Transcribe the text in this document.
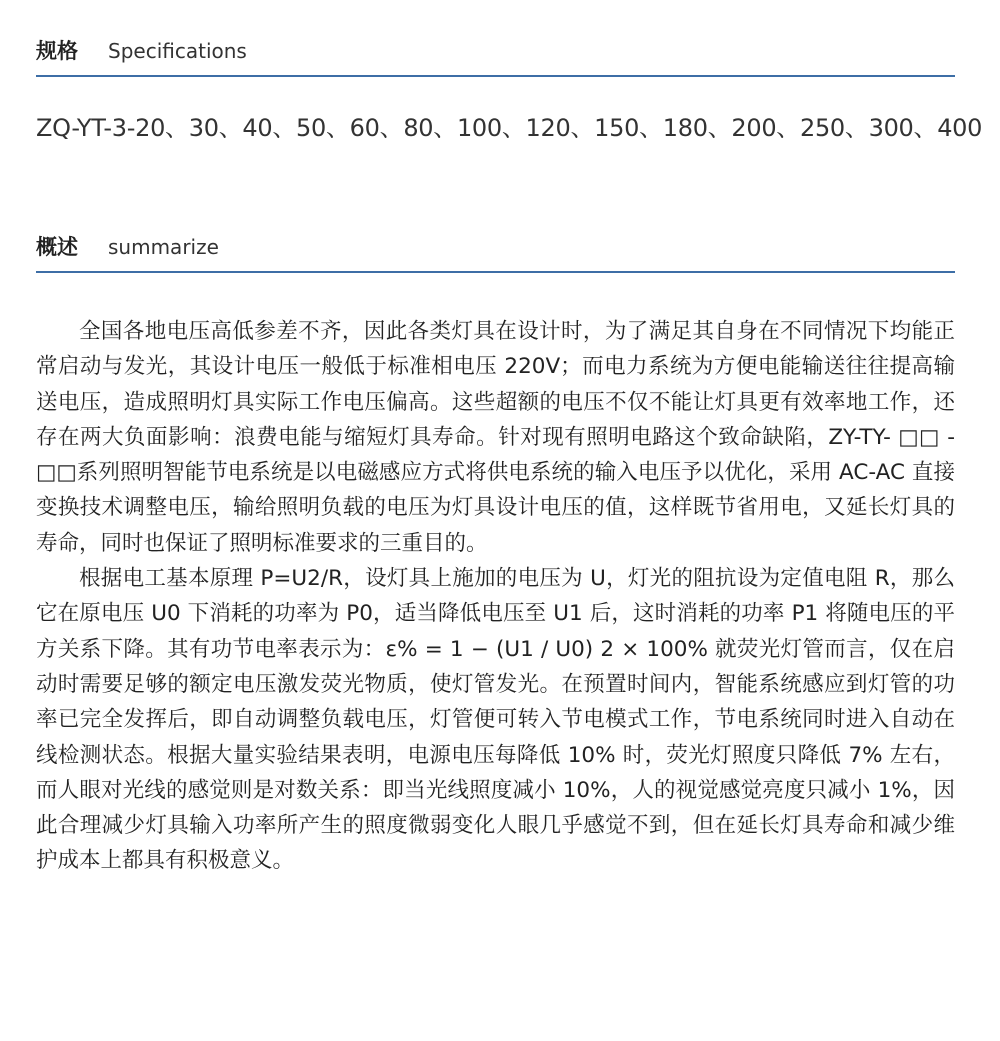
规格 Specifications
ZQ-YT-3-20、30、40、50、60、80、100、120、150、180、200、250、300、400
概述 summarize

全国各地电压高低参差不齐，因此各类灯具在设计时，为了满足其自身在不同情况下均能正常启动与发光，其设计电压一般低于标准相电压 220V；而电力系统为方便电能输送往往提高输送电压，造成照明灯具实际工作电压偏高。这些超额的电压不仅不能让灯具更有效率地工作，还存在两大负面影响：浪费电能与缩短灯具寿命。针对现有照明电路这个致命缺陷，ZY-TY- □□ - □□系列照明智能节电系统是以电磁感应方式将供电系统的输入电压予以优化，采用 AC-AC 直接变换技术调整电压，输给照明负载的电压为灯具设计电压的值，这样既节省用电，又延长灯具的寿命，同时也保证了照明标准要求的三重目的。

根据电工基本原理 P=U2/R，设灯具上施加的电压为 U，灯光的阻抗设为定值电阻 R，那么它在原电压 U0 下消耗的功率为 P0，适当降低电压至 U1 后，这时消耗的功率 P1 将随电压的平方关系下降。其有功节电率表示为：ε% = 1 − (U1 / U0) 2 × 100% 就荧光灯管而言，仅在启动时需要足够的额定电压激发荧光物质，使灯管发光。在预置时间内，智能系统感应到灯管的功率已完全发挥后，即自动调整负载电压，灯管便可转入节电模式工作，节电系统同时进入自动在线检测状态。根据大量实验结果表明，电源电压每降低 10% 时，荧光灯照度只降低 7% 左右，而人眼对光线的感觉则是对数关系：即当光线照度减小 10%，人的视觉感觉亮度只减小 1%，因此合理减少灯具输入功率所产生的照度微弱变化人眼几乎感觉不到，但在延长灯具寿命和减少维护成本上都具有积极意义。
